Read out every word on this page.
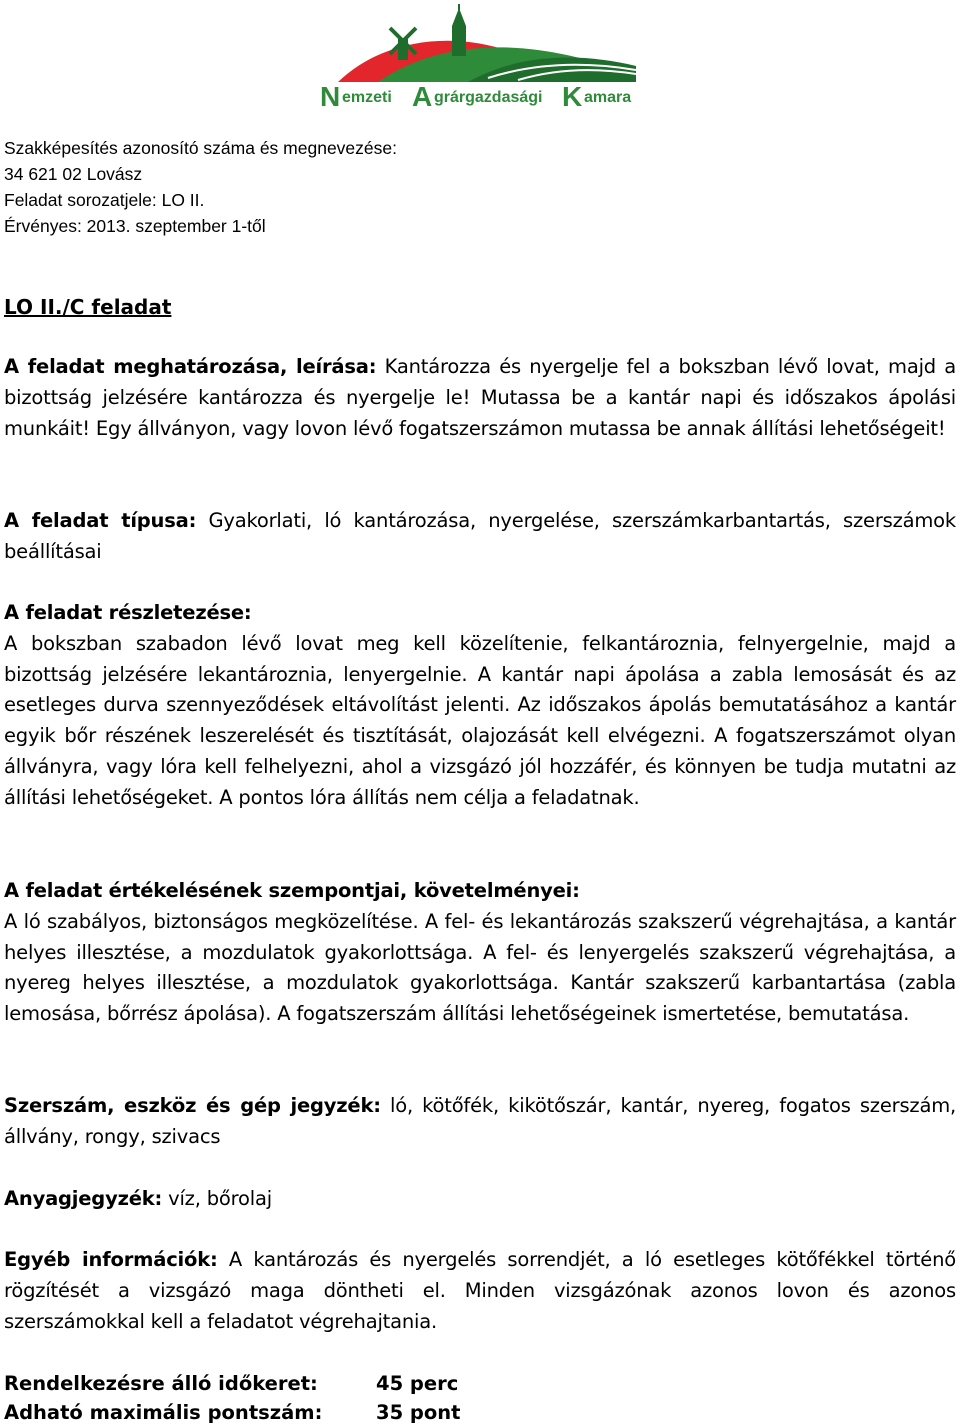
N emzeti A grárgazdasági K amara
Szakképesítés azonosító száma és megnevezése:
34 621 02 Lovász
Feladat sorozatjele: LO II.
Érvényes: 2013. szeptember 1-től
LO II./C feladat
A feladat meghatározása, leírása: Kantározza és nyergelje fel a bokszban lévő lovat, majd a bizottság jelzésére kantározza és nyergelje le! Mutassa be a kantár napi és időszakos ápolási munkáit! Egy állványon, vagy lovon lévő fogatszerszámon mutassa be annak állítási lehetőségeit!
A feladat típusa: Gyakorlati, ló kantározása, nyergelése, szerszámkarbantartás, szerszámok beállításai
A feladat részletezése:
A bokszban szabadon lévő lovat meg kell közelítenie, felkantároznia, felnyergelnie, majd a bizottság jelzésére lekantároznia, lenyergelnie. A kantár napi ápolása a zabla lemosását és az esetleges durva szennyeződések eltávolítást jelenti. Az időszakos ápolás bemutatásához a kantár egyik bőr részének leszerelését és tisztítását, olajozását kell elvégezni. A fogatszerszámot olyan állványra, vagy lóra kell felhelyezni, ahol a vizsgázó jól hozzáfér, és könnyen be tudja mutatni az állítási lehetőségeket. A pontos lóra állítás nem célja a feladatnak.
A feladat értékelésének szempontjai, követelményei:
A ló szabályos, biztonságos megközelítése. A fel- és lekantározás szakszerű végrehajtása, a kantár helyes illesztése, a mozdulatok gyakorlottsága. A fel- és lenyergelés szakszerű végrehajtása, a nyereg helyes illesztése, a mozdulatok gyakorlottsága. Kantár szakszerű karbantartása (zabla lemosása, bőrrész ápolása). A fogatszerszám állítási lehetőségeinek ismertetése, bemutatása.
Szerszám, eszköz és gép jegyzék: ló, kötőfék, kikötőszár, kantár, nyereg, fogatos szerszám, állvány, rongy, szivacs
Anyagjegyzék: víz, bőrolaj
Egyéb információk: A kantározás és nyergelés sorrendjét, a ló esetleges kötőfékkel történő rögzítését a vizsgázó maga döntheti el. Minden vizsgázónak azonos lovon és azonos szerszámokkal kell a feladatot végrehajtania.
Rendelkezésre álló időkeret:	45 perc
Adható maximális pontszám:	35 pont
